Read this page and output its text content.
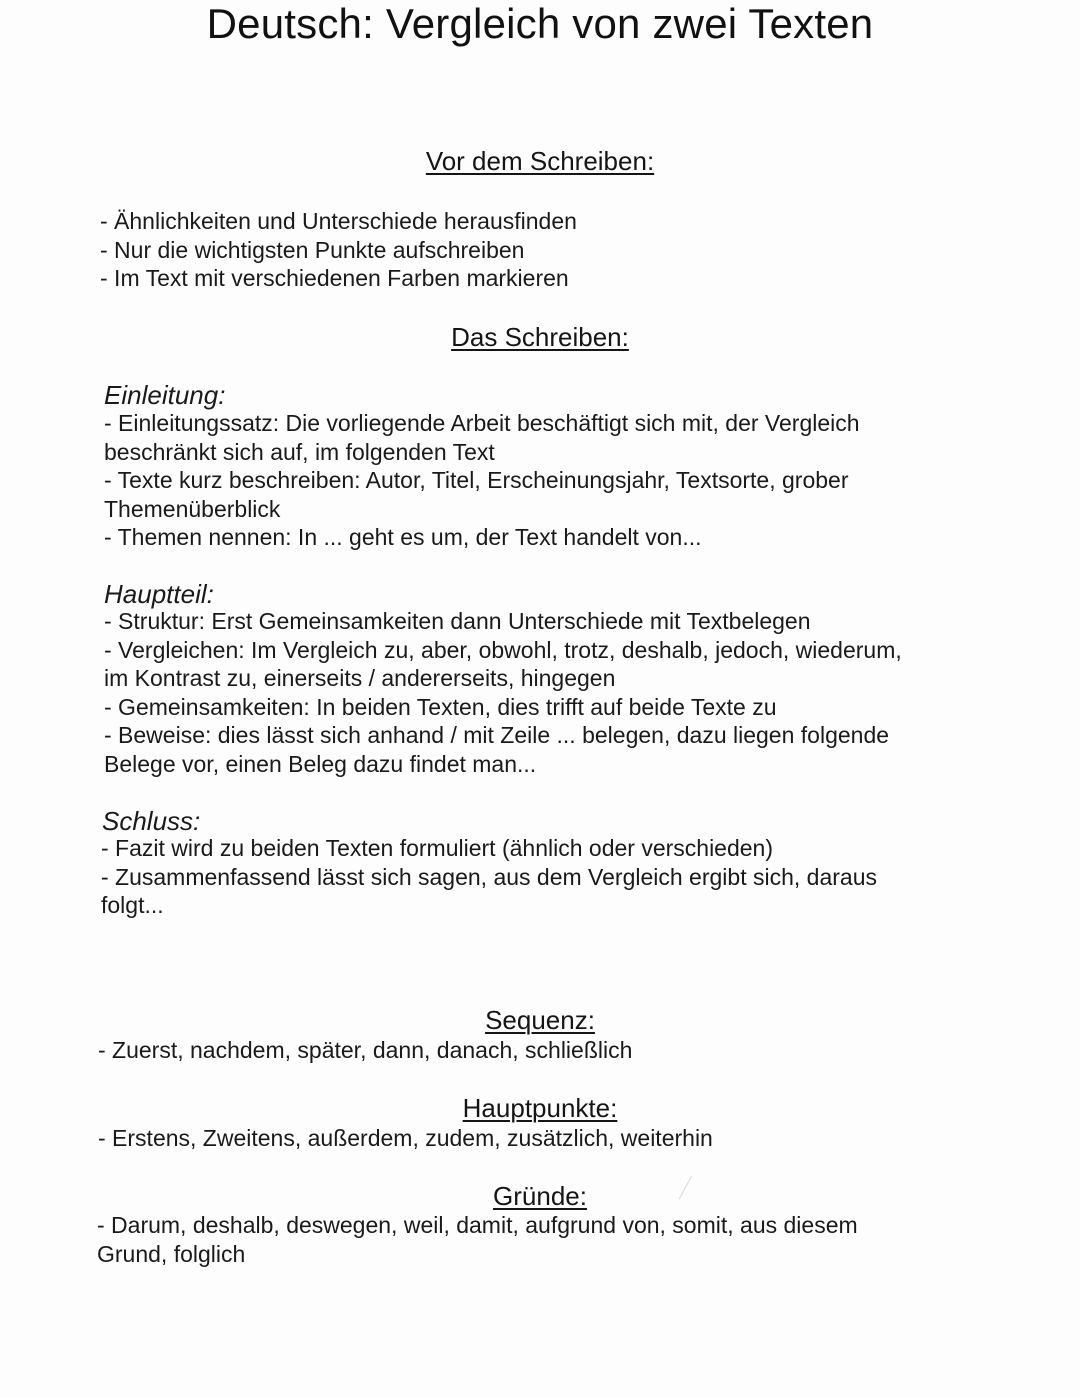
Deutsch: Vergleich von zwei Texten
Vor dem Schreiben:
- Ähnlichkeiten und Unterschiede herausfinden
- Nur die wichtigsten Punkte aufschreiben
- Im Text mit verschiedenen Farben markieren
Das Schreiben:
Einleitung:
- Einleitungssatz: Die vorliegende Arbeit beschäftigt sich mit, der Vergleich
beschränkt sich auf, im folgenden Text
- Texte kurz beschreiben: Autor, Titel, Erscheinungsjahr, Textsorte, grober
Themenüberblick
- Themen nennen: In ... geht es um, der Text handelt von...
Hauptteil:
- Struktur: Erst Gemeinsamkeiten dann Unterschiede mit Textbelegen
- Vergleichen: Im Vergleich zu, aber, obwohl, trotz, deshalb, jedoch, wiederum,
im Kontrast zu, einerseits / andererseits, hingegen
- Gemeinsamkeiten: In beiden Texten, dies trifft auf beide Texte zu
- Beweise: dies lässt sich anhand / mit Zeile ... belegen, dazu liegen folgende
Belege vor, einen Beleg dazu findet man...
Schluss:
- Fazit wird zu beiden Texten formuliert (ähnlich oder verschieden)
- Zusammenfassend lässt sich sagen, aus dem Vergleich ergibt sich, daraus
folgt...
Sequenz:
- Zuerst, nachdem, später, dann, danach, schließlich
Hauptpunkte:
- Erstens, Zweitens, außerdem, zudem, zusätzlich, weiterhin
Gründe:
- Darum, deshalb, deswegen, weil, damit, aufgrund von, somit, aus diesem
Grund, folglich
